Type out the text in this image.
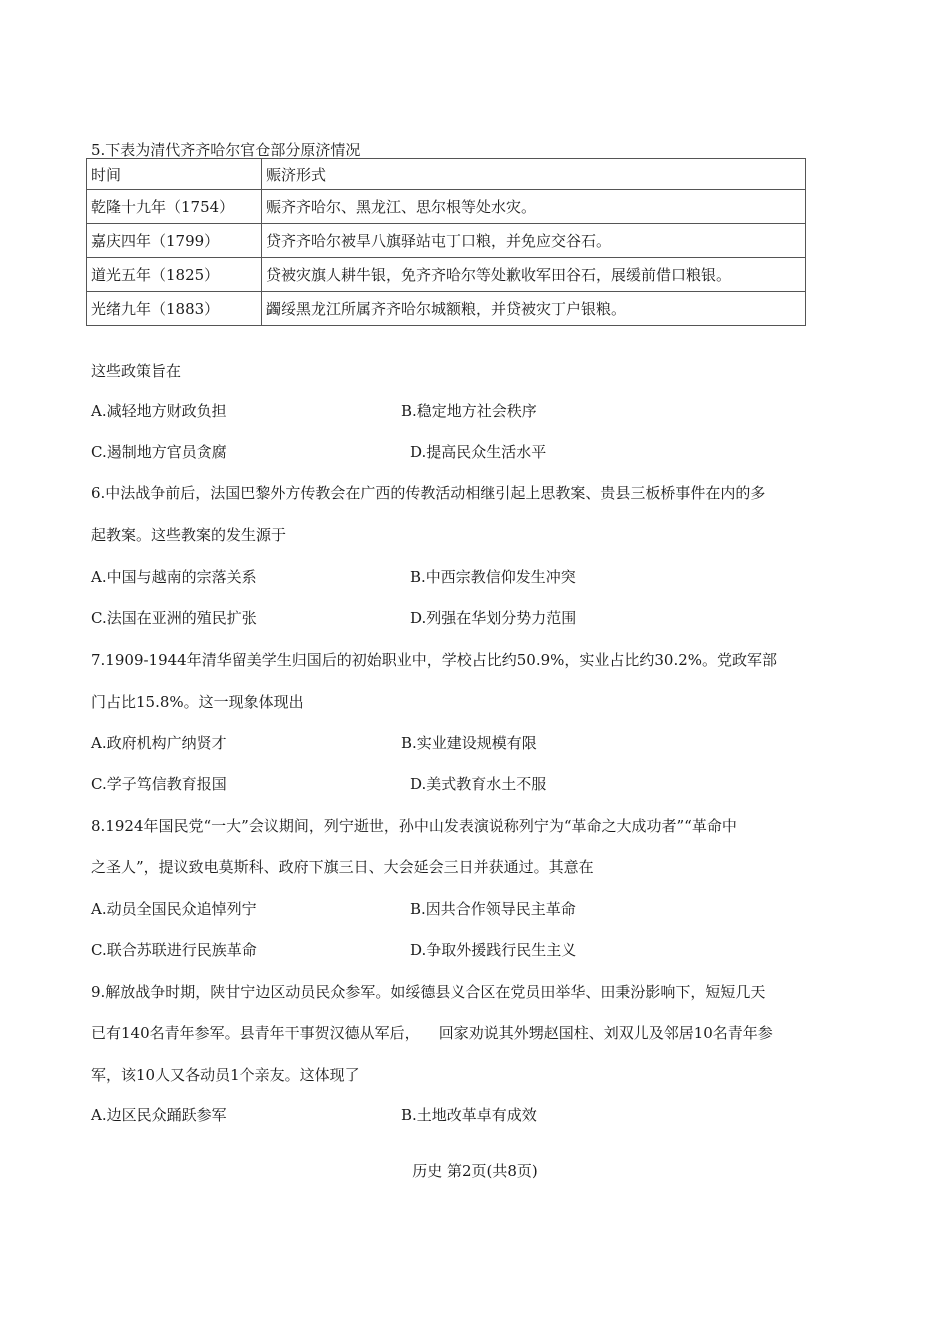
5.下表为清代齐齐哈尔官仓部分原济情况
时间	赈济形式
乾隆十九年（1754）	赈齐齐哈尔、黑龙江、思尔根等处水灾。
嘉庆四年（1799）	贷齐齐哈尔被旱八旗驿站屯丁口粮，并免应交谷石。
道光五年（1825）	贷被灾旗人耕牛银，免齐齐哈尔等处歉收军田谷石，展缓前借口粮银。
光绪九年（1883）	蠲绥黑龙江所属齐齐哈尔城额粮，并贷被灾丁户银粮。
这些政策旨在
A.减轻地方财政负担	B.稳定地方社会秩序
C.遏制地方官员贪腐	D.提高民众生活水平
6.中法战争前后，法国巴黎外方传教会在广西的传教活动相继引起上思教案、贵县三板桥事件在内的多
起教案。这些教案的发生源于
A.中国与越南的宗落关系	B.中西宗教信仰发生冲突
C.法国在亚洲的殖民扩张	D.列强在华划分势力范围
7.1909-1944年清华留美学生归国后的初始职业中，学校占比约50.9%，实业占比约30.2%。党政军部
门占比15.8%。这一现象体现出
A.政府机构广纳贤才	B.实业建设规模有限
C.学子笃信教育报国	D.美式教育水土不服
8.1924年国民党“一大”会议期间，列宁逝世，孙中山发表演说称列宁为“革命之大成功者”“革命中
之圣人”，提议致电莫斯科、政府下旗三日、大会延会三日并获通过。其意在
A.动员全国民众追悼列宁	B.因共合作领导民主革命
C.联合苏联进行民族革命	D.争取外援践行民生主义
9.解放战争时期，陕甘宁边区动员民众参军。如绥德县义合区在党员田举华、田秉汾影响下，短短几天
已有140名青年参军。县青年干事贺汉德从军后，    回家劝说其外甥赵国柱、刘双儿及邻居10名青年参
军，该10人又各动员1个亲友。这体现了
A.边区民众踊跃参军	B.土地改革卓有成效
历史 第2页(共8页)
